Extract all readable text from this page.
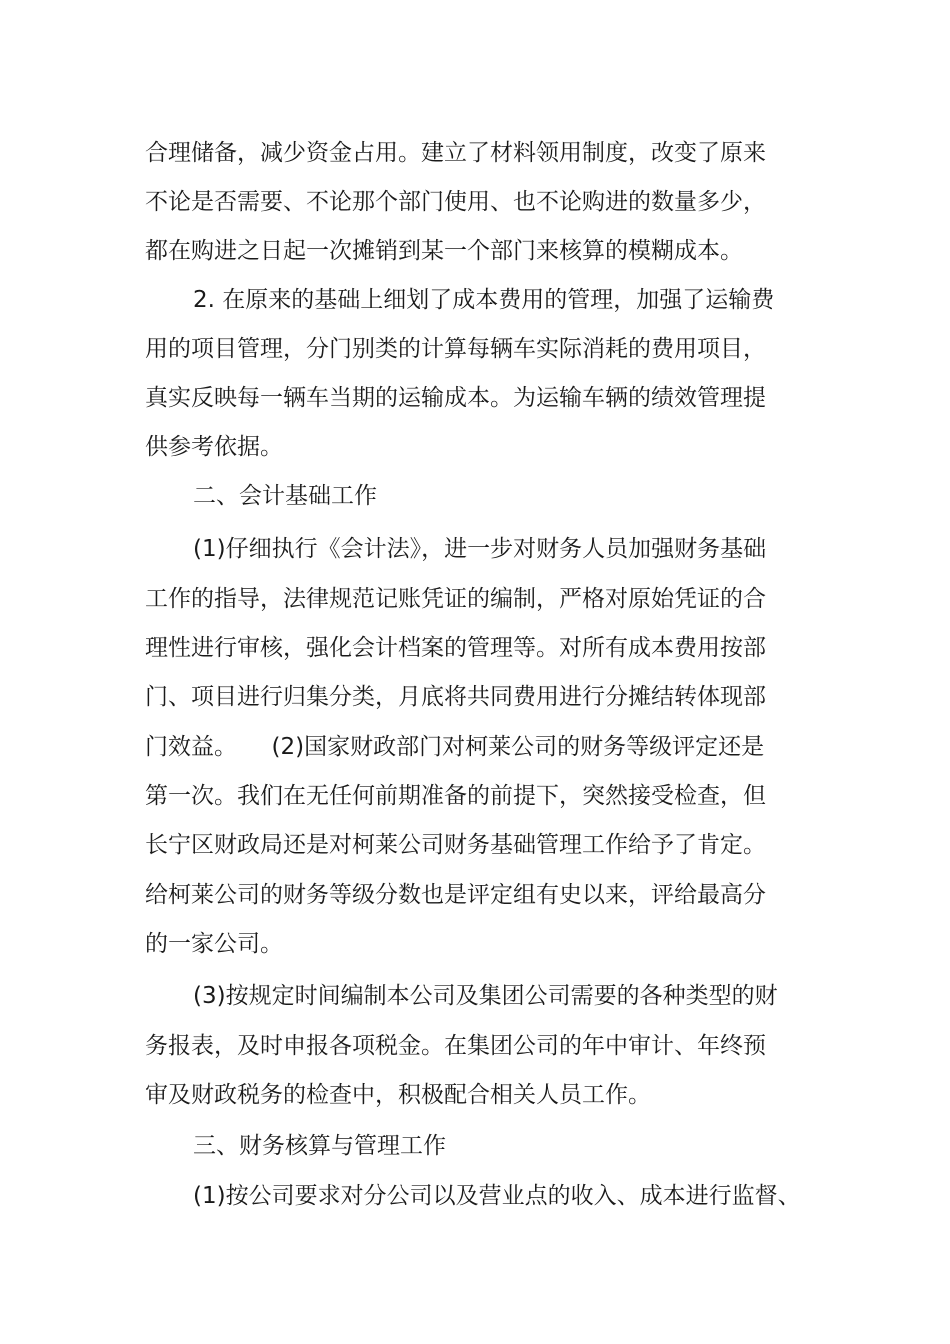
合理储备，减少资金占用。建立了材料领用制度，改变了原来
不论是否需要、不论那个部门使用、也不论购进的数量多少，
都在购进之日起一次摊销到某一个部门来核算的模糊成本。
2. 在原来的基础上细划了成本费用的管理，加强了运输费
用的项目管理，分门别类的计算每辆车实际消耗的费用项目，
真实反映每一辆车当期的运输成本。为运输车辆的绩效管理提
供参考依据。
二、会计基础工作
(1)仔细执行《会计法》，进一步对财务人员加强财务基础
工作的指导，法律规范记账凭证的编制，严格对原始凭证的合
理性进行审核，强化会计档案的管理等。对所有成本费用按部
门、项目进行归集分类，月底将共同费用进行分摊结转体现部
门效益。　　(2)国家财政部门对柯莱公司的财务等级评定还是
第一次。我们在无任何前期准备的前提下，突然接受检查，但
长宁区财政局还是对柯莱公司财务基础管理工作给予了肯定。
给柯莱公司的财务等级分数也是评定组有史以来，评给最高分
的一家公司。
(3)按规定时间编制本公司及集团公司需要的各种类型的财
务报表，及时申报各项税金。在集团公司的年中审计、年终预
审及财政税务的检查中，积极配合相关人员工作。
三、财务核算与管理工作
(1)按公司要求对分公司以及营业点的收入、成本进行监督、
